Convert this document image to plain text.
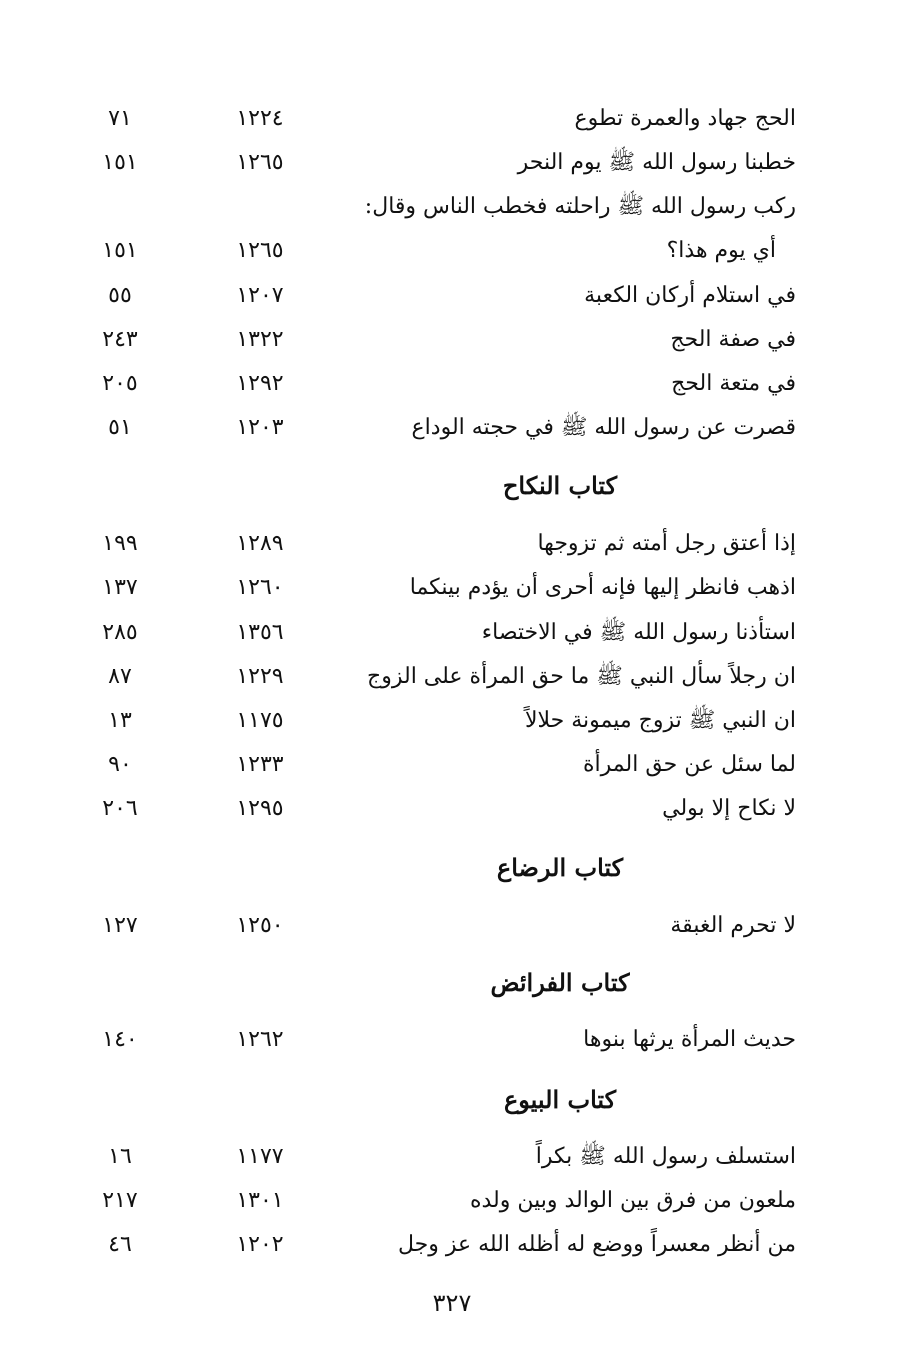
الحج جهاد والعمرة تطوع
١٢٢٤
٧١
خطبنا رسول الله ﷺ يوم النحر
١٢٦٥
١٥١
ركب رسول الله ﷺ راحلته فخطب الناس وقال:
أي يوم هذا؟
١٢٦٥
١٥١
في استلام أركان الكعبة
١٢٠٧
٥٥
في صفة الحج
١٣٢٢
٢٤٣
في متعة الحج
١٢٩٢
٢٠٥
قصرت عن رسول الله ﷺ في حجته الوداع
١٢٠٣
٥١
كتاب النكاح
إذا أعتق رجل أمته ثم تزوجها
١٢٨٩
١٩٩
اذهب فانظر إليها فإنه أحرى أن يؤدم بينكما
١٢٦٠
١٣٧
استأذنا رسول الله ﷺ في الاختصاء
١٣٥٦
٢٨٥
ان رجلاً سأل النبي ﷺ ما حق المرأة على الزوج
١٢٢٩
٨٧
ان النبي ﷺ تزوج ميمونة حلالاً
١١٧٥
١٣
لما سئل عن حق المرأة
١٢٣٣
٩٠
لا نكاح إلا بولي
١٢٩٥
٢٠٦
كتاب الرضاع
لا تحرم الغبقة
١٢٥٠
١٢٧
كتاب الفرائض
حديث المرأة يرثها بنوها
١٢٦٢
١٤٠
كتاب البيوع
استسلف رسول الله ﷺ بكراً
١١٧٧
١٦
ملعون من فرق بين الوالد وبين ولده
١٣٠١
٢١٧
من أنظر معسراً ووضع له أظله الله عز وجل
١٢٠٢
٤٦
٣٢٧
